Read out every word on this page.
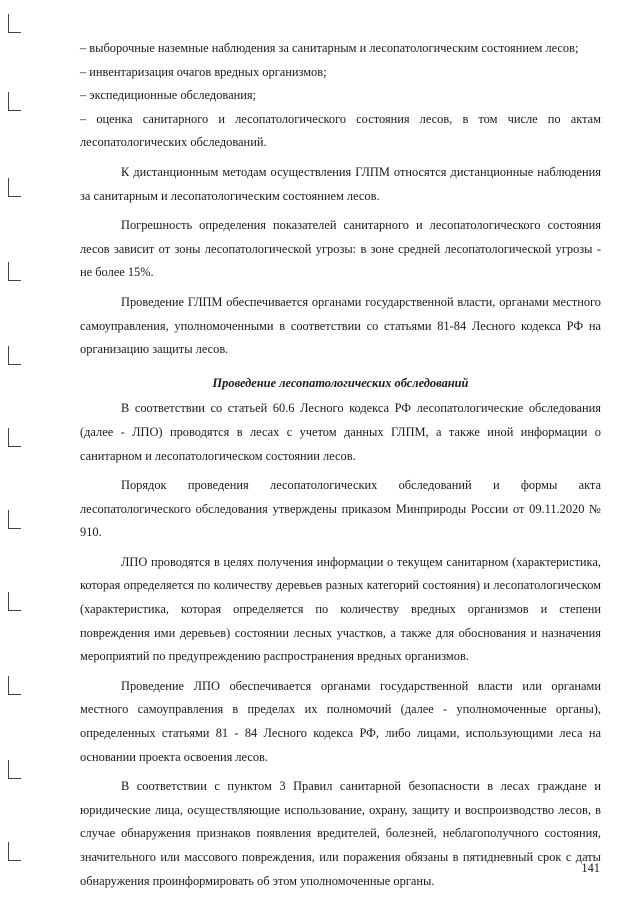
– выборочные наземные наблюдения за санитарным и лесопатологическим состоянием лесов;

– инвентаризация очагов вредных организмов;

– экспедиционные обследования;

– оценка санитарного и лесопатологического состояния лесов, в том числе по актам лесопатологических обследований.

К дистанционным методам осуществления ГЛПМ относятся дистанционные наблюдения за санитарным и лесопатологическим состоянием лесов.

Погрешность определения показателей санитарного и лесопатологического состояния лесов зависит от зоны лесопатологической угрозы: в зоне средней лесопатологической угрозы - не более 15%.

Проведение ГЛПМ обеспечивается органами государственной власти, органами местного самоуправления, уполномоченными в соответствии со статьями 81-84 Лесного кодекса РФ на организацию защиты лесов.

Проведение лесопатологических обследований

В соответствии со статьей 60.6 Лесного кодекса РФ лесопатологические обследования (далее - ЛПО) проводятся в лесах с учетом данных ГЛПМ, а также иной информации о санитарном и лесопатологическом состоянии лесов.

Порядок проведения лесопатологических обследований и формы акта лесопатологического обследования утверждены приказом Минприроды России от 09.11.2020 № 910.

ЛПО проводятся в целях получения информации о текущем санитарном (характеристика, которая определяется по количеству деревьев разных категорий состояния) и лесопатологическом (характеристика, которая определяется по количеству вредных организмов и степени повреждения ими деревьев) состоянии лесных участков, а также для обоснования и назначения мероприятий по предупреждению распространения вредных организмов.

Проведение ЛПО обеспечивается органами государственной власти или органами местного самоуправления в пределах их полномочий (далее - уполномоченные органы), определенных статьями 81 - 84 Лесного кодекса РФ, либо лицами, использующими леса на основании проекта освоения лесов.

В соответствии с пунктом 3 Правил санитарной безопасности в лесах граждане и юридические лица, осуществляющие использование, охрану, защиту и воспроизводство лесов, в случае обнаружения признаков появления вредителей, болезней, неблагополучного состояния, значительного или массового повреждения, или поражения обязаны в пятидневный срок с даты обнаружения проинформировать об этом уполномоченные органы.

141
